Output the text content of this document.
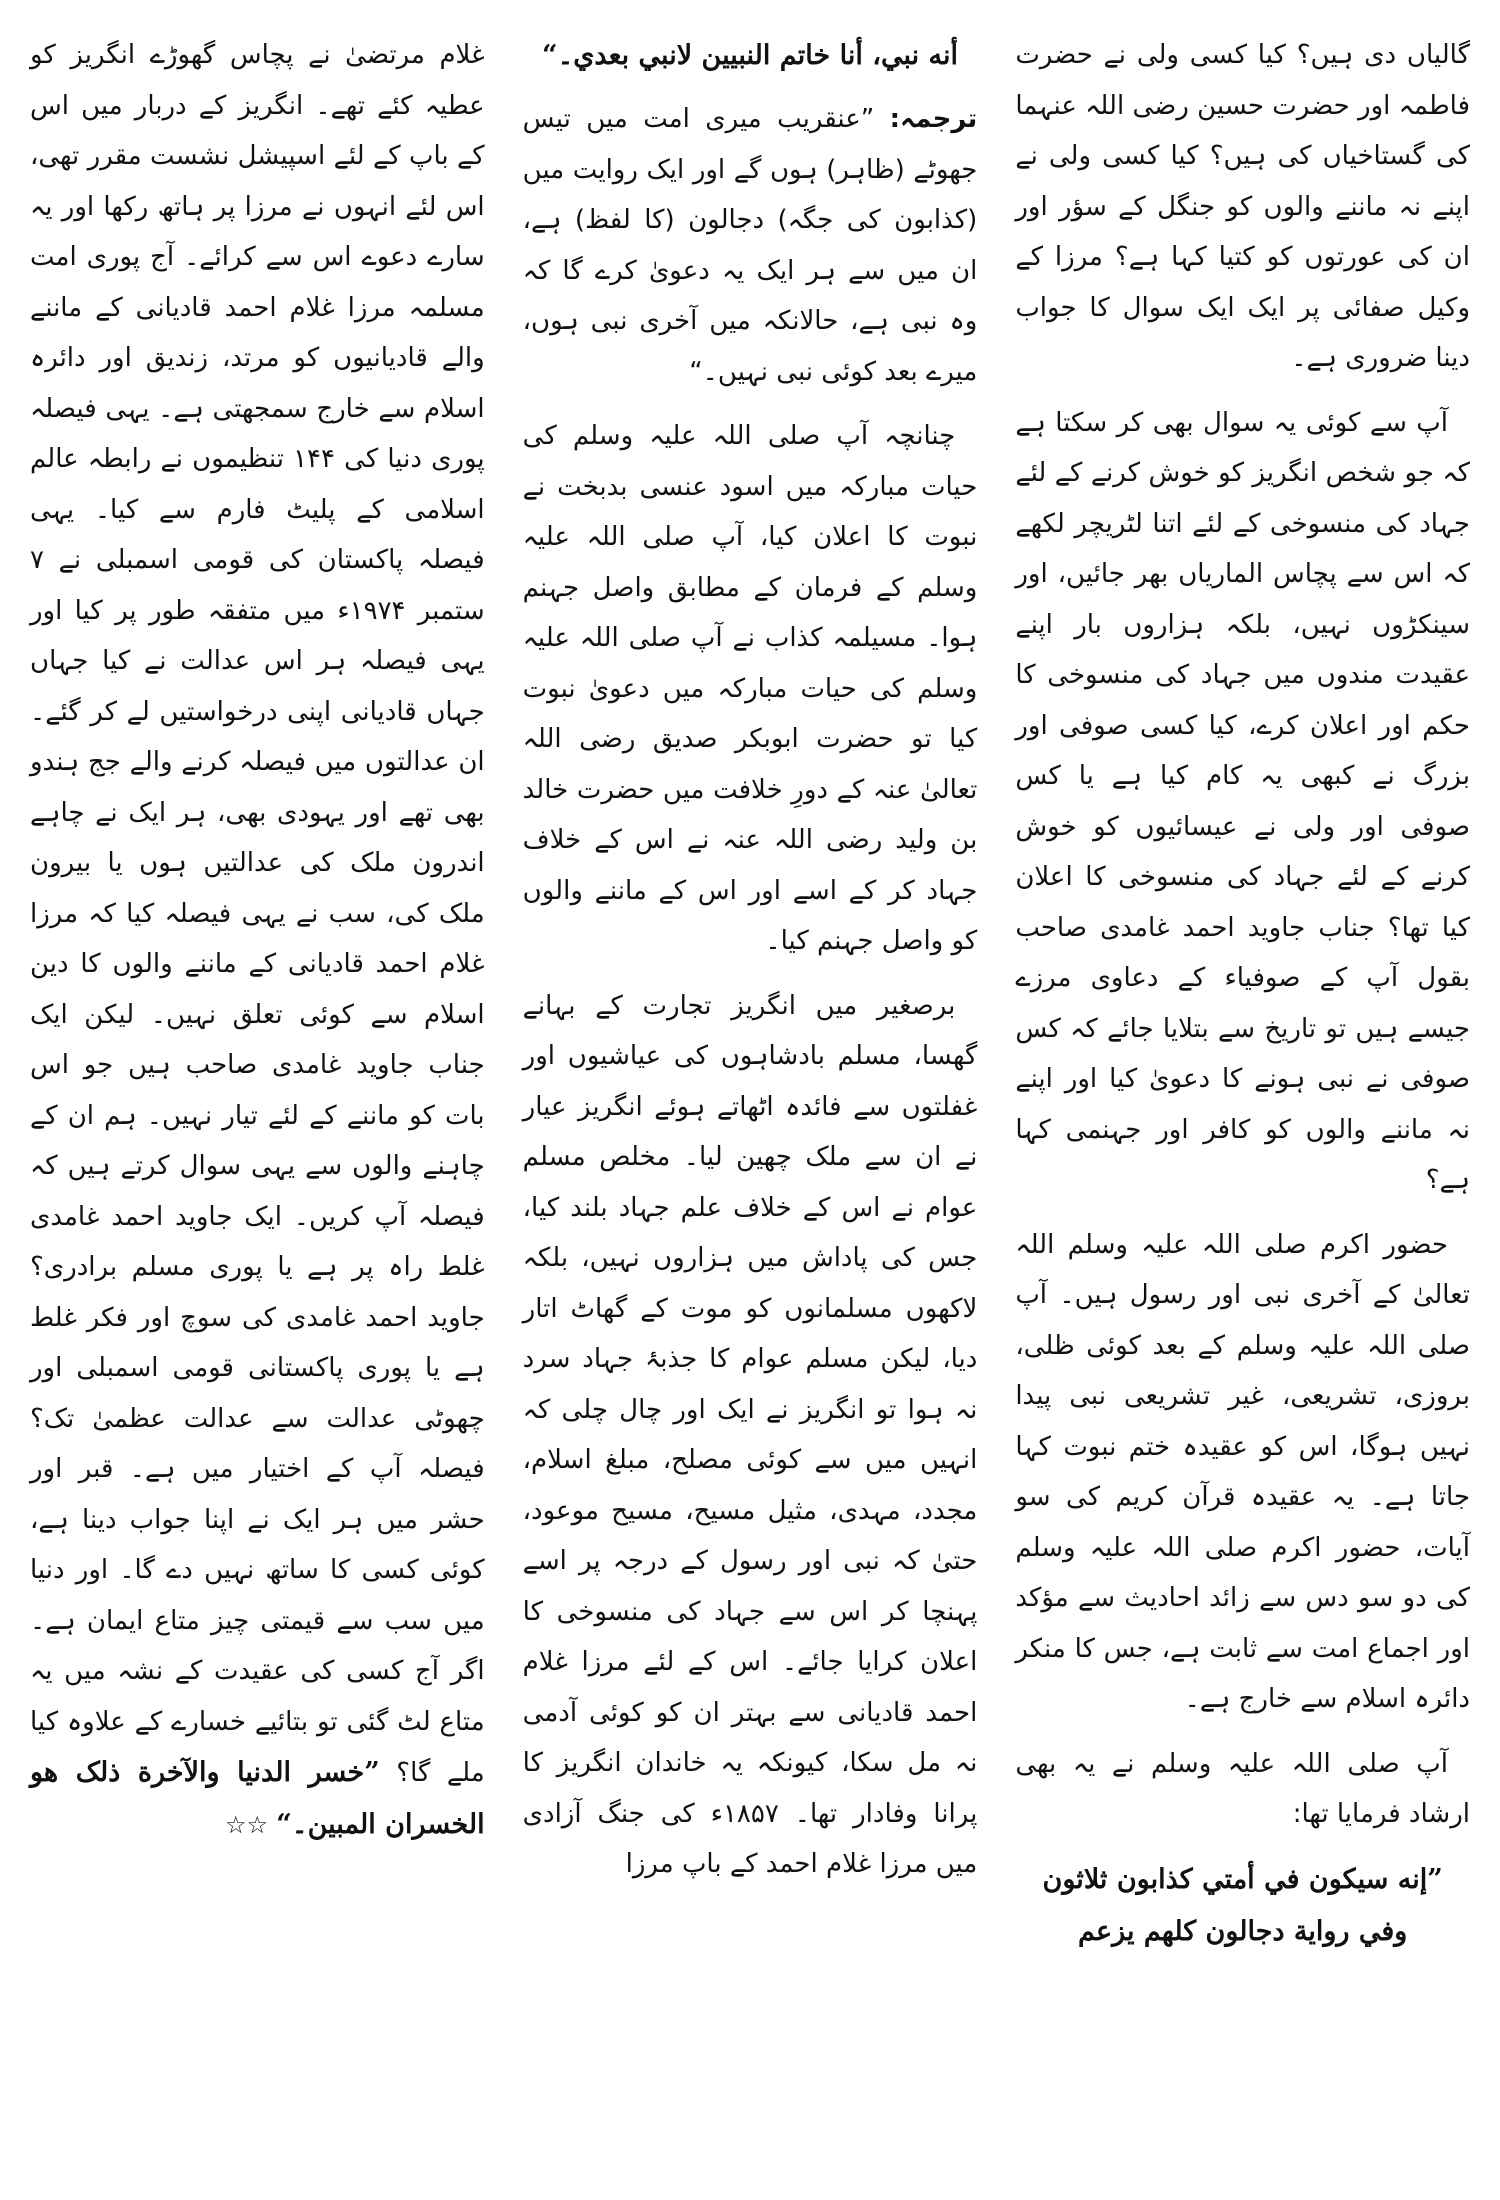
گالیاں دی ہیں؟ کیا کسی ولی نے حضرت فاطمہ اور حضرت حسین رضی اللہ عنہما کی گستاخیاں کی ہیں؟ کیا کسی ولی نے اپنے نہ ماننے والوں کو جنگل کے سؤر اور ان کی عورتوں کو کتیا کہا ہے؟ مرزا کے وکیل صفائی پر ایک ایک سوال کا جواب دینا ضروری ہے۔

آپ سے کوئی یہ سوال بھی کر سکتا ہے کہ جو شخص انگریز کو خوش کرنے کے لئے جہاد کی منسوخی کے لئے اتنا لٹریچر لکھے کہ اس سے پچاس الماریاں بھر جائیں، اور سینکڑوں نہیں، بلکہ ہزاروں بار اپنے عقیدت مندوں میں جہاد کی منسوخی کا حکم اور اعلان کرے، کیا کسی صوفی اور بزرگ نے کبھی یہ کام کیا ہے یا کس صوفی اور ولی نے عیسائیوں کو خوش کرنے کے لئے جہاد کی منسوخی کا اعلان کیا تھا؟ جناب جاوید احمد غامدی صاحب بقول آپ کے صوفیاء کے دعاوی مرزے جیسے ہیں تو تاریخ سے بتلایا جائے کہ کس صوفی نے نبی ہونے کا دعویٰ کیا اور اپنے نہ ماننے والوں کو کافر اور جہنمی کہا ہے؟

حضور اکرم صلی اللہ علیہ وسلم اللہ تعالیٰ کے آخری نبی اور رسول ہیں۔ آپ صلی اللہ علیہ وسلم کے بعد کوئی ظلی، بروزی، تشریعی، غیر تشریعی نبی پیدا نہیں ہوگا، اس کو عقیدہ ختم نبوت کہا جاتا ہے۔ یہ عقیدہ قرآن کریم کی سو آیات، حضور اکرم صلی اللہ علیہ وسلم کی دو سو دس سے زائد احادیث سے مؤکد اور اجماع امت سے ثابت ہے، جس کا منکر دائرہ اسلام سے خارج ہے۔

آپ صلی اللہ علیہ وسلم نے یہ بھی ارشاد فرمایا تھا:

”إنه سيكون في أمتي كذابون ثلاثون وفي رواية دجالون كلهم يزعم

أنه نبي، أنا خاتم النبيين لانبي بعدي۔“

ترجمہ: ”عنقریب میری امت میں تیس جھوٹے (ظاہر) ہوں گے اور ایک روایت میں (کذابون کی جگہ) دجالون (کا لفظ) ہے، ان میں سے ہر ایک یہ دعویٰ کرے گا کہ وہ نبی ہے، حالانکہ میں آخری نبی ہوں، میرے بعد کوئی نبی نہیں۔“

چنانچہ آپ صلی اللہ علیہ وسلم کی حیات مبارکہ میں اسود عنسی بدبخت نے نبوت کا اعلان کیا، آپ صلی اللہ علیہ وسلم کے فرمان کے مطابق واصل جہنم ہوا۔ مسیلمہ کذاب نے آپ صلی اللہ علیہ وسلم کی حیات مبارکہ میں دعویٰ نبوت کیا تو حضرت ابوبکر صدیق رضی اللہ تعالیٰ عنہ کے دورِ خلافت میں حضرت خالد بن ولید رضی اللہ عنہ نے اس کے خلاف جہاد کر کے اسے اور اس کے ماننے والوں کو واصل جہنم کیا۔

برصغیر میں انگریز تجارت کے بہانے گھسا، مسلم بادشاہوں کی عیاشیوں اور غفلتوں سے فائدہ اٹھاتے ہوئے انگریز عیار نے ان سے ملک چھین لیا۔ مخلص مسلم عوام نے اس کے خلاف علم جہاد بلند کیا، جس کی پاداش میں ہزاروں نہیں، بلکہ لاکھوں مسلمانوں کو موت کے گھاٹ اتار دیا، لیکن مسلم عوام کا جذبۂ جہاد سرد نہ ہوا تو انگریز نے ایک اور چال چلی کہ انہیں میں سے کوئی مصلح، مبلغ اسلام، مجدد، مہدی، مثیل مسیح، مسیح موعود، حتیٰ کہ نبی اور رسول کے درجہ پر اسے پہنچا کر اس سے جہاد کی منسوخی کا اعلان کرایا جائے۔ اس کے لئے مرزا غلام احمد قادیانی سے بہتر ان کو کوئی آدمی نہ مل سکا، کیونکہ یہ خاندان انگریز کا پرانا وفادار تھا۔ ۱۸۵۷ء کی جنگ آزادی میں مرزا غلام احمد کے باپ مرزا

غلام مرتضیٰ نے پچاس گھوڑے انگریز کو عطیہ کئے تھے۔ انگریز کے دربار میں اس کے باپ کے لئے اسپیشل نشست مقرر تھی، اس لئے انہوں نے مرزا پر ہاتھ رکھا اور یہ سارے دعوے اس سے کرائے۔ آج پوری امت مسلمہ مرزا غلام احمد قادیانی کے ماننے والے قادیانیوں کو مرتد، زندیق اور دائرہ اسلام سے خارج سمجھتی ہے۔ یہی فیصلہ پوری دنیا کی ۱۴۴ تنظیموں نے رابطہ عالم اسلامی کے پلیٹ فارم سے کیا۔ یہی فیصلہ پاکستان کی قومی اسمبلی نے ۷ ستمبر ۱۹۷۴ء میں متفقہ طور پر کیا اور یہی فیصلہ ہر اس عدالت نے کیا جہاں جہاں قادیانی اپنی درخواستیں لے کر گئے۔ ان عدالتوں میں فیصلہ کرنے والے جج ہندو بھی تھے اور یہودی بھی، ہر ایک نے چاہے اندرون ملک کی عدالتیں ہوں یا بیرون ملک کی، سب نے یہی فیصلہ کیا کہ مرزا غلام احمد قادیانی کے ماننے والوں کا دین اسلام سے کوئی تعلق نہیں۔ لیکن ایک جناب جاوید غامدی صاحب ہیں جو اس بات کو ماننے کے لئے تیار نہیں۔ ہم ان کے چاہنے والوں سے یہی سوال کرتے ہیں کہ فیصلہ آپ کریں۔ ایک جاوید احمد غامدی غلط راہ پر ہے یا پوری مسلم برادری؟ جاوید احمد غامدی کی سوچ اور فکر غلط ہے یا پوری پاکستانی قومی اسمبلی اور چھوٹی عدالت سے عدالت عظمیٰ تک؟ فیصلہ آپ کے اختیار میں ہے۔ قبر اور حشر میں ہر ایک نے اپنا جواب دینا ہے، کوئی کسی کا ساتھ نہیں دے گا۔ اور دنیا میں سب سے قیمتی چیز متاع ایمان ہے۔ اگر آج کسی کی عقیدت کے نشہ میں یہ متاع لٹ گئی تو بتائیے خسارے کے علاوہ کیا ملے گا؟ ”خسر الدنيا والآخرة ذلک هو الخسران المبين۔“ ☆☆
